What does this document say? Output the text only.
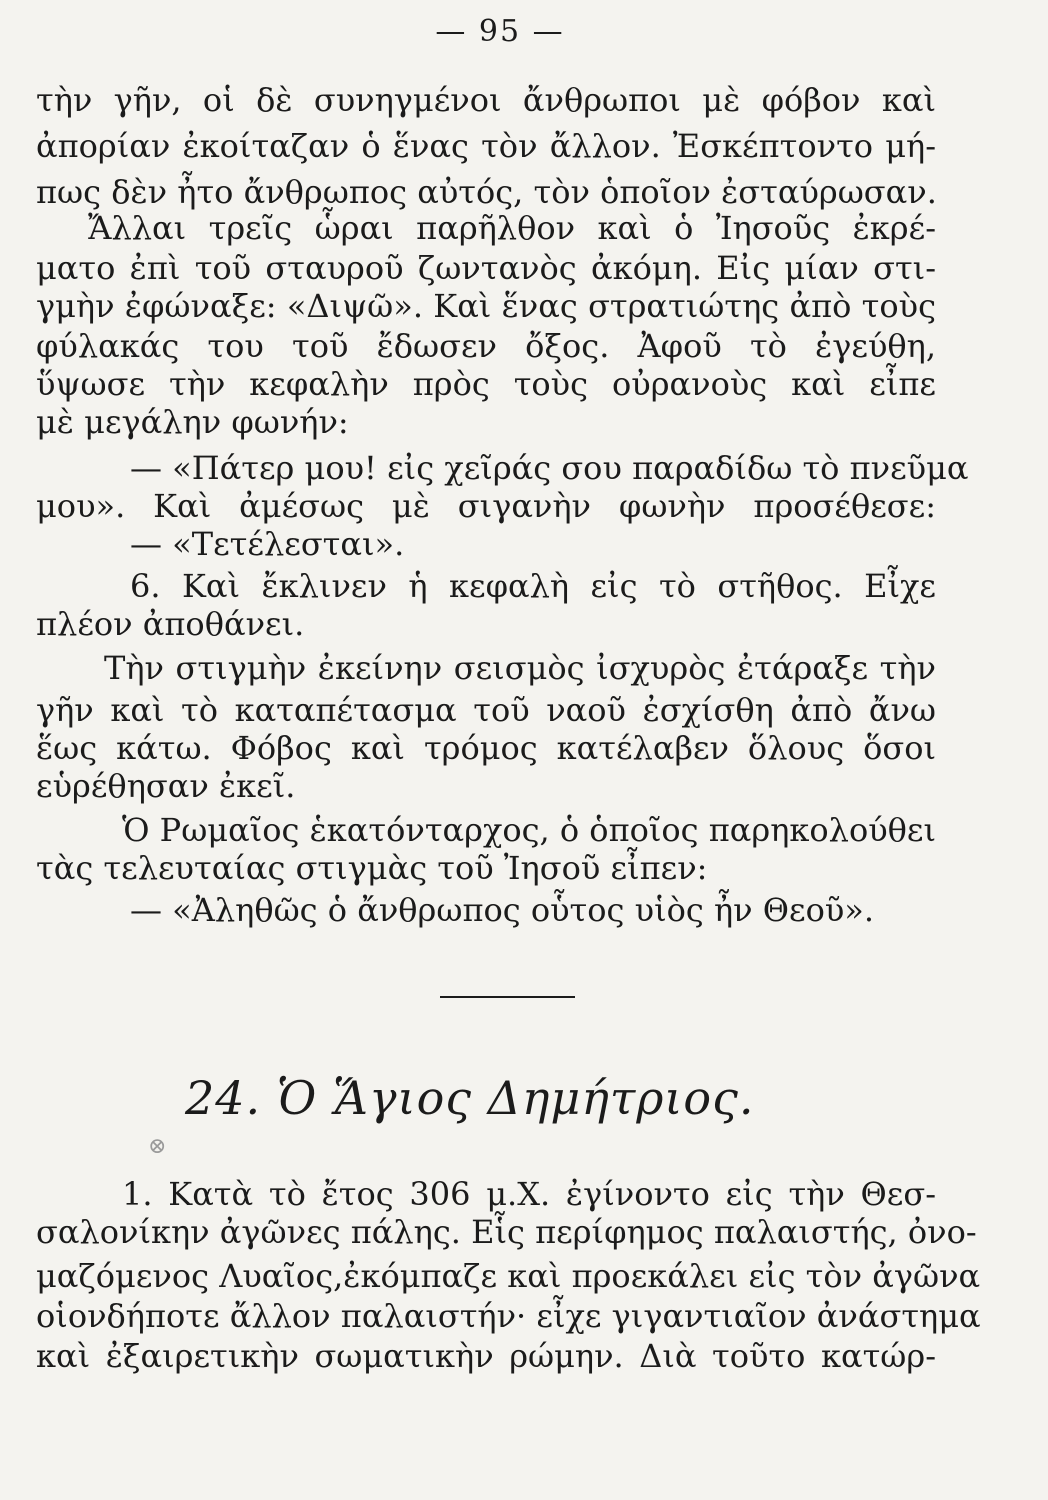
— 95 —
τὴν γῆν, οἱ δὲ συνηγμένοι ἄνθρωποι μὲ φόβον καὶ
ἀπορίαν ἐκοίταζαν ὁ ἕνας τὸν ἄλλον. Ἐσκέπτοντο μή-
πως δὲν ἦτο ἄνθρωπος αὐτός, τὸν ὁποῖον ἐσταύρωσαν.
Ἄλλαι τρεῖς ὧραι παρῆλθον καὶ ὁ Ἰησοῦς ἐκρέ-
ματο ἐπὶ τοῦ σταυροῦ ζωντανὸς ἀκόμη. Εἰς μίαν στι-
γμὴν ἐφώναξε: «Διψῶ». Καὶ ἕνας στρατιώτης ἀπὸ τοὺς
φύλακάς του τοῦ ἔδωσεν ὄξος. Ἀφοῦ τὸ ἐγεύθη,
ὕψωσε τὴν κεφαλὴν πρὸς τοὺς οὐρανοὺς καὶ εἶπε
μὲ μεγάλην φωνήν:
— «Πάτερ μου! εἰς χεῖράς σου παραδίδω τὸ πνεῦμα
μου». Καὶ ἀμέσως μὲ σιγανὴν φωνὴν προσέθεσε:
— «Τετέλεσται».
6. Καὶ ἔκλινεν ἡ κεφαλὴ εἰς τὸ στῆθος. Εἶχε
πλέον ἀποθάνει.
Τὴν στιγμὴν ἐκείνην σεισμὸς ἰσχυρὸς ἐτάραξε τὴν
γῆν καὶ τὸ καταπέτασμα τοῦ ναοῦ ἐσχίσθη ἀπὸ ἄνω
ἕως κάτω. Φόβος καὶ τρόμος κατέλαβεν ὅλους ὅσοι
εὑρέθησαν ἐκεῖ.
Ὁ Ρωμαῖος ἑκατόνταρχος, ὁ ὁποῖος παρηκολούθει
τὰς τελευταίας στιγμὰς τοῦ Ἰησοῦ εἶπεν:
— «Ἀληθῶς ὁ ἄνθρωπος οὗτος υἱὸς ἦν Θεοῦ».
24. Ὁ Ἅγιος Δημήτριος.
⊗
1. Κατὰ τὸ ἔτος 306 μ.Χ. ἐγίνοντο εἰς τὴν Θεσ-
σαλονίκην ἀγῶνες πάλης. Εἷς περίφημος παλαιστής, ὀνο-
μαζόμενος Λυαῖος,ἐκόμπαζε καὶ προεκάλει εἰς τὸν ἀγῶνα
οἱονδήποτε ἄλλον παλαιστήν· εἶχε γιγαντιαῖον ἀνάστημα
καὶ ἐξαιρετικὴν σωματικὴν ρώμην. Διὰ τοῦτο κατώρ-
